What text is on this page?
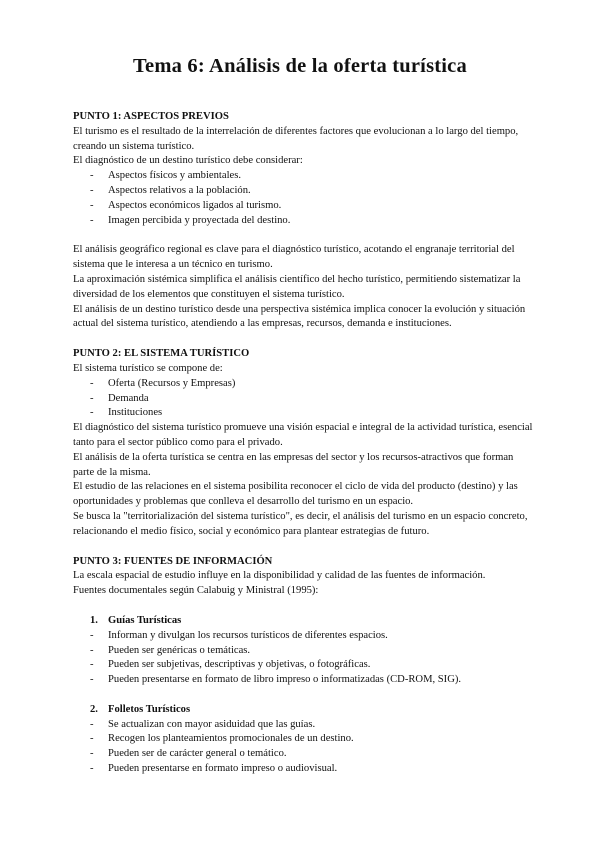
Tema 6: Análisis de la oferta turística

PUNTO 1: ASPECTOS PREVIOS

El turismo es el resultado de la interrelación de diferentes factores que evolucionan a lo largo del tiempo, creando un sistema turístico.

El diagnóstico de un destino turístico debe considerar:

- Aspectos físicos y ambientales.
- Aspectos relativos a la población.
- Aspectos económicos ligados al turismo.
- Imagen percibida y proyectada del destino.

El análisis geográfico regional es clave para el diagnóstico turístico, acotando el engranaje territorial del sistema que le interesa a un técnico en turismo.

La aproximación sistémica simplifica el análisis científico del hecho turístico, permitiendo sistematizar la diversidad de los elementos que constituyen el sistema turístico.

El análisis de un destino turístico desde una perspectiva sistémica implica conocer la evolución y situación actual del sistema turístico, atendiendo a las empresas, recursos, demanda e instituciones.

PUNTO 2: EL SISTEMA TURÍSTICO

El sistema turístico se compone de:

- Oferta (Recursos y Empresas)
- Demanda
- Instituciones

El diagnóstico del sistema turístico promueve una visión espacial e integral de la actividad turística, esencial tanto para el sector público como para el privado.

El análisis de la oferta turística se centra en las empresas del sector y los recursos-atractivos que forman parte de la misma.

El estudio de las relaciones en el sistema posibilita reconocer el ciclo de vida del producto (destino) y las oportunidades y problemas que conlleva el desarrollo del turismo en un espacio.

Se busca la "territorialización del sistema turístico", es decir, el análisis del turismo en un espacio concreto, relacionando el medio físico, social y económico para plantear estrategias de futuro.

PUNTO 3: FUENTES DE INFORMACIÓN

La escala espacial de estudio influye en la disponibilidad y calidad de las fuentes de información.

Fuentes documentales según Calabuig y Ministral (1995):

1. Guías Turísticas

- Informan y divulgan los recursos turísticos de diferentes espacios.
- Pueden ser genéricas o temáticas.
- Pueden ser subjetivas, descriptivas y objetivas, o fotográficas.
- Pueden presentarse en formato de libro impreso o informatizadas (CD-ROM, SIG).

2. Folletos Turísticos

- Se actualizan con mayor asiduidad que las guías.
- Recogen los planteamientos promocionales de un destino.
- Pueden ser de carácter general o temático.
- Pueden presentarse en formato impreso o audiovisual.
